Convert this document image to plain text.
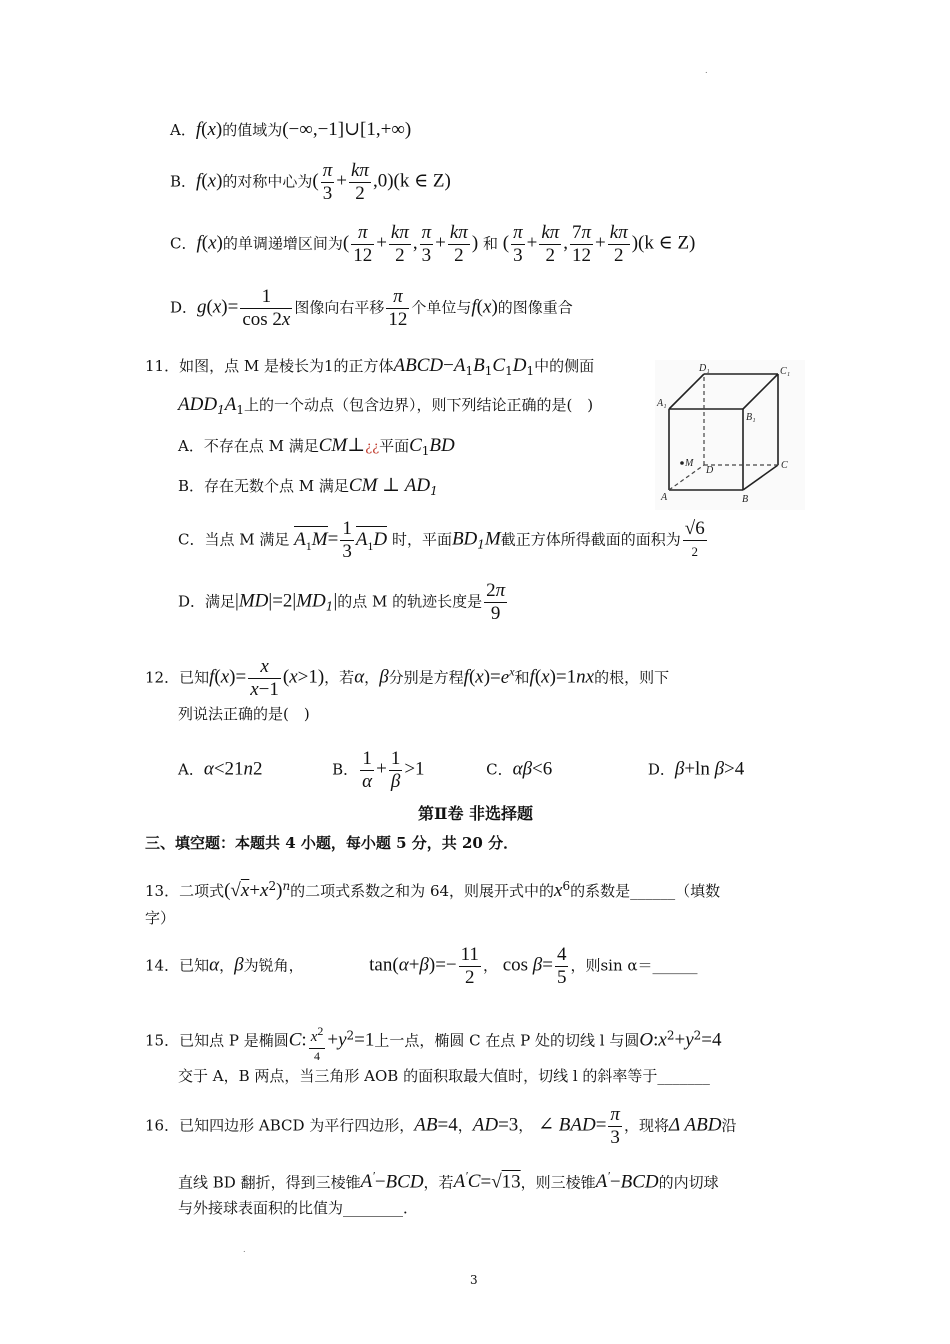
.
.
A．f(x)的值域为(−∞,−1]∪[1,+∞)
B．f(x)的对称中心为( $\frac{\pi}{3} + \frac{k\pi}{2} ,0)(k$ ∈ Z)
C．f(x)的单调递增区间为( $\frac{\pi}{12} + \frac{k\pi}{2}$ , $\frac{\pi}{3} + \frac{k\pi}{2}$ ) 和 ( $\frac{\pi}{3} + \frac{k\pi}{2}$ , $\frac{7\pi}{12} + \frac{k\pi}{2} )(k$ ∈ Z)
D．$g(x)= \frac{1}{\cos 2x}$ 图像向右平移 $\frac{\pi}{12}$ 个单位与f(x)的图像重合
11．如图，点 M 是棱长为1的正方体$ABCD-A_1B_1C_1D_1$中的侧面
$ADD_1A_1$上的一个动点（包含边界），则下列结论正确的是(　)
A．不存在点 M 满足CM⊥¿¿平面$C_1BD$
B．存在无数个点 M 满足CM ⊥ $AD_1$
C．当点 M 满足 $A_1M= \frac{1}{3} A_1D$ 时，平面$BD_1M$截正方体所得截面的面积为 $\frac{√6}{2}$
D．满足$|MD|=2|MD_1|$的点 M 的轨迹长度是 $\frac{2\pi}{9}$
D₁	C₁
A₁
B₁
M
D	C
A	B
12．已知$f(x)= \frac{x}{x-1} (x>1)$，若α，β分别是方程$f(x)=e^x$和f(x)=1nx的根，则下
列说法正确的是(　)
A．α<21n2	B． $\frac{1}{\alpha} + \frac{1}{\beta} >1$	C．αβ<6	D．β+ln β>4
第Ⅱ卷 非选择题
三、填空题：本题共 4 小题，每小题 5 分，共 20 分．
13．二项式$(√x+x^2)^n$的二项式系数之和为 64，则展开式中的$x^6$的系数是______（填数
字）
14．已知α，β为锐角，	$\tan(\alpha+\beta)=- \frac{11}{2}$ ， $\cos \beta= \frac{4}{5}$ ，则sin α＝______
15．已知点 P 是椭圆C: $\frac{x^2}{4} +y^2=1$上一点，椭圆 C 在点 P 处的切线 l 与圆$O:x^2+y^2=4$
交于 A，B 两点，当三角形 AOB 的面积取最大值时，切线 l 的斜率等于_______
16．已知四边形 ABCD 为平行四边形，AB=4，AD=3， ∠ $BAD= \frac{\pi}{3}$ ，现将Δ ABD沿
直线 BD 翻折，得到三棱锥A′−BCD，若A′C=√13，则三棱锥A′−BCD的内切球
与外接球表面积的比值为________．
3
